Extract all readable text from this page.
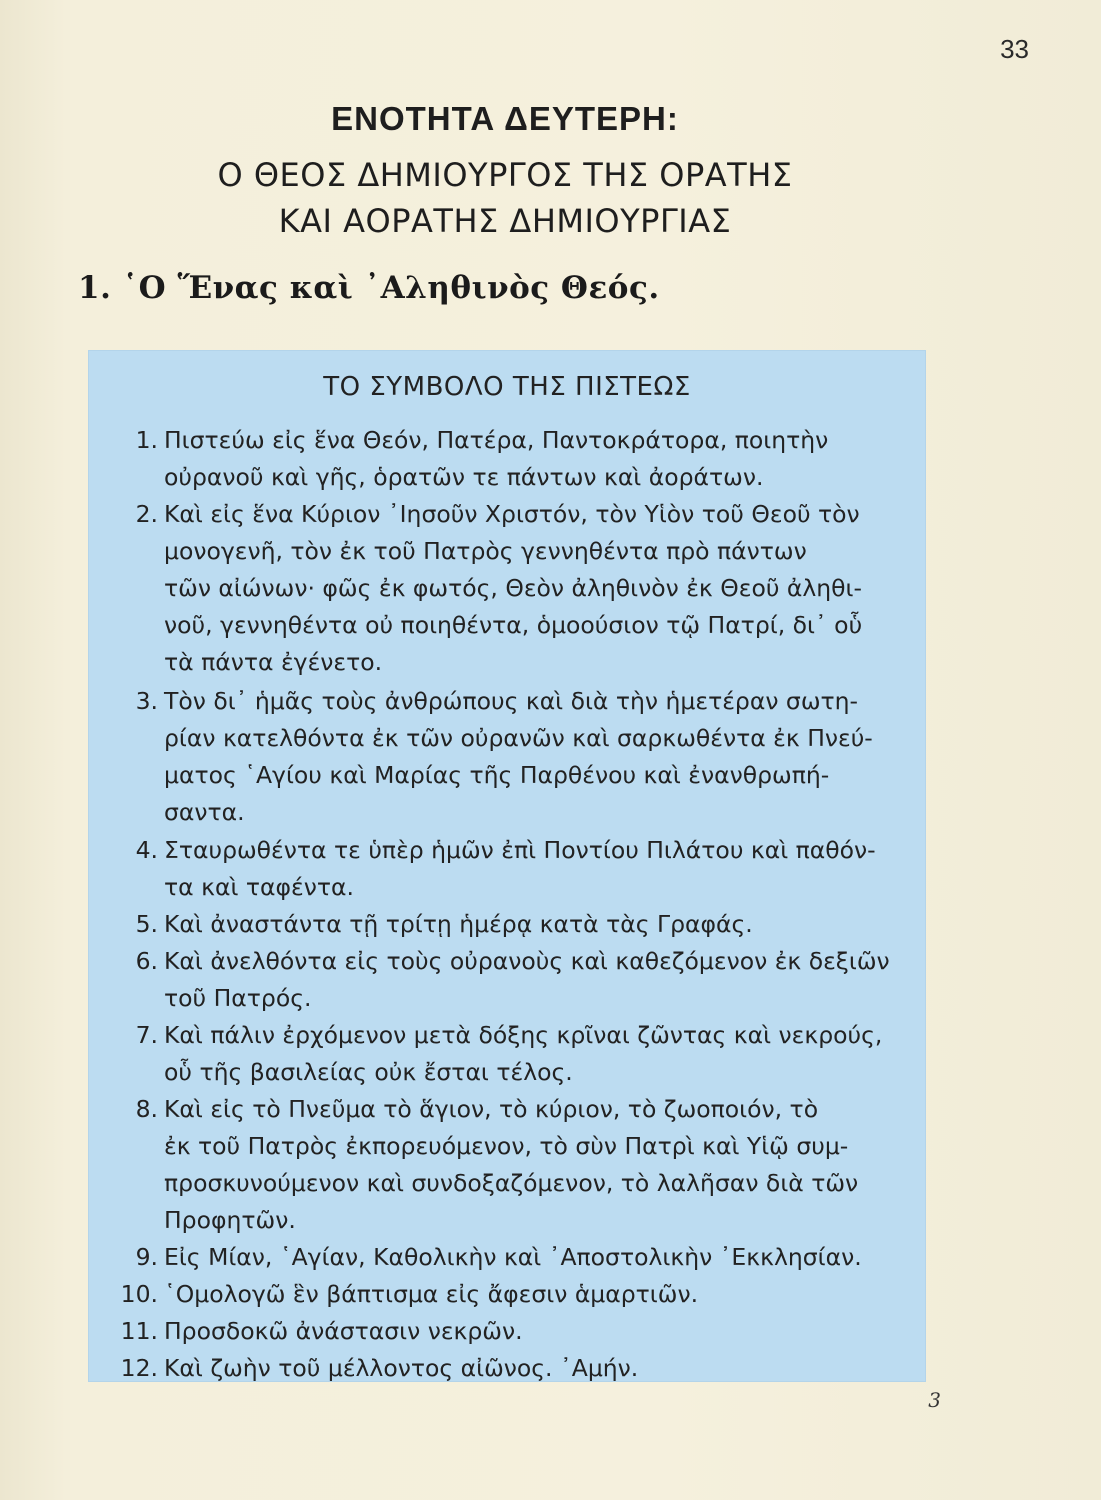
33
ΕΝΟΤΗΤΑ ΔΕΥΤΕΡΗ:
Ο ΘΕΟΣ ΔΗΜΙΟΥΡΓΟΣ ΤΗΣ ΟΡΑΤΗΣ
ΚΑΙ ΑΟΡΑΤΗΣ ΔΗΜΙΟΥΡΓΙΑΣ
1. ῾Ο Ἕνας καὶ ᾿Αληθινὸς Θεός.
ΤΟ ΣΥΜΒΟΛΟ ΤΗΣ ΠΙΣΤΕΩΣ
1. Πιστεύω εἰς ἕνα Θεόν, Πατέρα, Παντοκράτορα, ποιητὴν
οὐρανοῦ καὶ γῆς, ὁρατῶν τε πάντων καὶ ἀοράτων.
2. Καὶ εἰς ἕνα Κύριον ᾿Ιησοῦν Χριστόν, τὸν Υἱὸν τοῦ Θεοῦ τὸν
μονογενῆ, τὸν ἐκ τοῦ Πατρὸς γεννηθέντα πρὸ πάντων
τῶν αἰώνων· φῶς ἐκ φωτός, Θεὸν ἀληθινὸν ἐκ Θεοῦ ἀληθι-
νοῦ, γεννηθέντα οὐ ποιηθέντα, ὁμοούσιον τῷ Πατρί, δι᾿ οὗ
τὰ πάντα ἐγένετο.
3. Τὸν δι᾿ ἡμᾶς τοὺς ἀνθρώπους καὶ διὰ τὴν ἡμετέραν σωτη-
ρίαν κατελθόντα ἐκ τῶν οὐρανῶν καὶ σαρκωθέντα ἐκ Πνεύ-
ματος ῾Αγίου καὶ Μαρίας τῆς Παρθένου καὶ ἐνανθρωπή-
σαντα.
4. Σταυρωθέντα τε ὑπὲρ ἡμῶν ἐπὶ Ποντίου Πιλάτου καὶ παθόν-
τα καὶ ταφέντα.
5. Καὶ ἀναστάντα τῇ τρίτῃ ἡμέρᾳ κατὰ τὰς Γραφάς.
6. Καὶ ἀνελθόντα εἰς τοὺς οὐρανοὺς καὶ καθεζόμενον ἐκ δεξιῶν
τοῦ Πατρός.
7. Καὶ πάλιν ἐρχόμενον μετὰ δόξης κρῖναι ζῶντας καὶ νεκρούς,
οὗ τῆς βασιλείας οὐκ ἔσται τέλος.
8. Καὶ εἰς τὸ Πνεῦμα τὸ ἅγιον, τὸ κύριον, τὸ ζωοποιόν, τὸ
ἐκ τοῦ Πατρὸς ἐκπορευόμενον, τὸ σὺν Πατρὶ καὶ Υἱῷ συμ-
προσκυνούμενον καὶ συνδοξαζόμενον, τὸ λαλῆσαν διὰ τῶν
Προφητῶν.
9. Εἰς Μίαν, ῾Αγίαν, Καθολικὴν καὶ ᾿Αποστολικὴν ᾿Εκκλησίαν.
10. ῾Ομολογῶ ἓν βάπτισμα εἰς ἄφεσιν ἁμαρτιῶν.
11. Προσδοκῶ ἀνάστασιν νεκρῶν.
12. Καὶ ζωὴν τοῦ μέλλοντος αἰῶνος. ᾿Αμήν.
3
